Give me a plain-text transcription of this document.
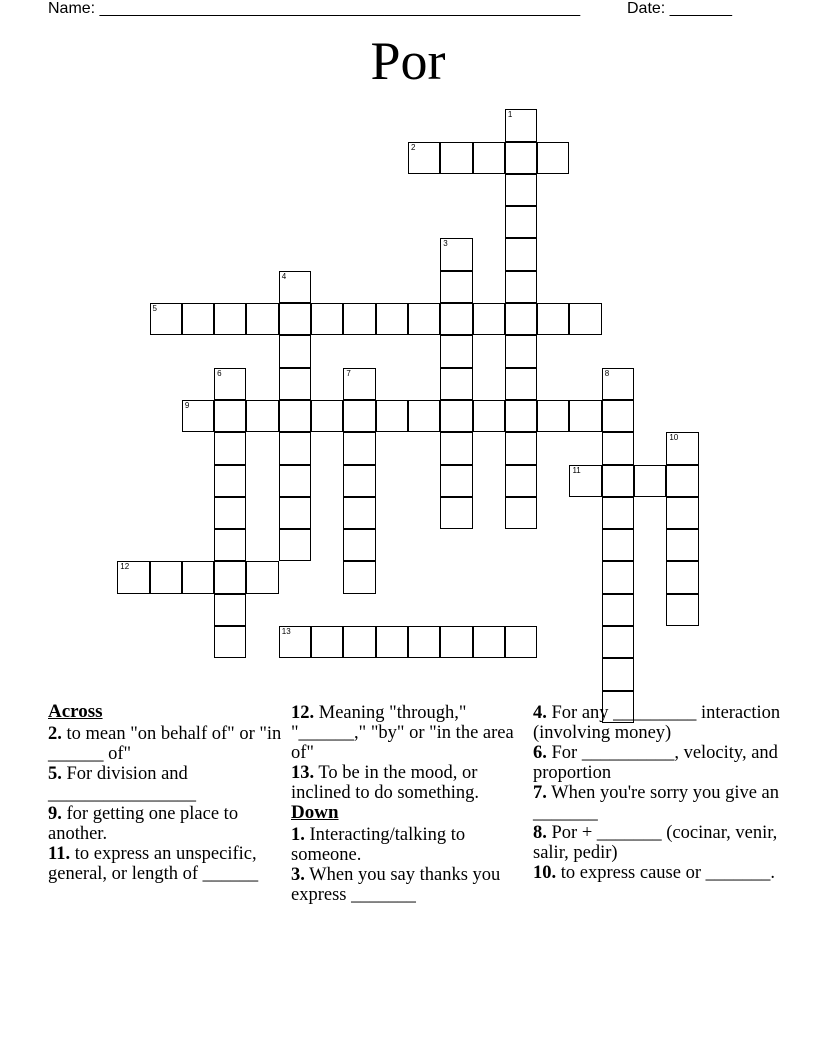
Name: ______________________________________________________	Date: _______
Por
1
2
3
4
5
6	7	8
9
10
11
12
13
Across
2. to mean "on behalf of" or "in ______ of"
5. For division and ________________
9. for getting one place to another.
11. to express an unspecific, general, or length of ______
12. Meaning "through," "______," "by" or "in the area of"
13. To be in the mood, or inclined to do something.
Down
1. Interacting/talking to someone.
3. When you say thanks you express _______
4. For any _________ interaction (involving money)
6. For __________, velocity, and proportion
7. When you're sorry you give an _______
8. Por + _______ (cocinar, venir, salir, pedir)
10. to express cause or _______.
